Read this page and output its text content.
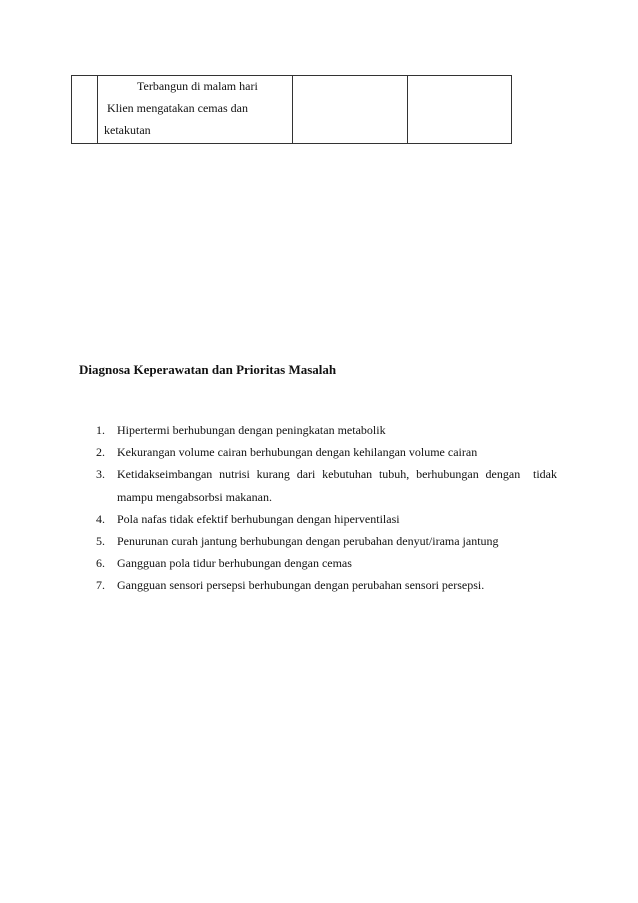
Terbangun di malam hari
Klien mengatakan cemas dan
ketakutan
Diagnosa Keperawatan dan Prioritas Masalah
1.	Hipertermi berhubungan dengan peningkatan metabolik
2.	Kekurangan volume cairan berhubungan dengan kehilangan volume cairan
3.	Ketidakseimbangan nutrisi kurang dari kebutuhan tubuh, berhubungan dengan tidak
mampu mengabsorbsi makanan.
4.	Pola nafas tidak efektif berhubungan dengan hiperventilasi
5.	Penurunan curah jantung berhubungan dengan perubahan denyut/irama jantung
6.	Gangguan pola tidur berhubungan dengan cemas
7.	Gangguan sensori persepsi berhubungan dengan perubahan sensori persepsi.
